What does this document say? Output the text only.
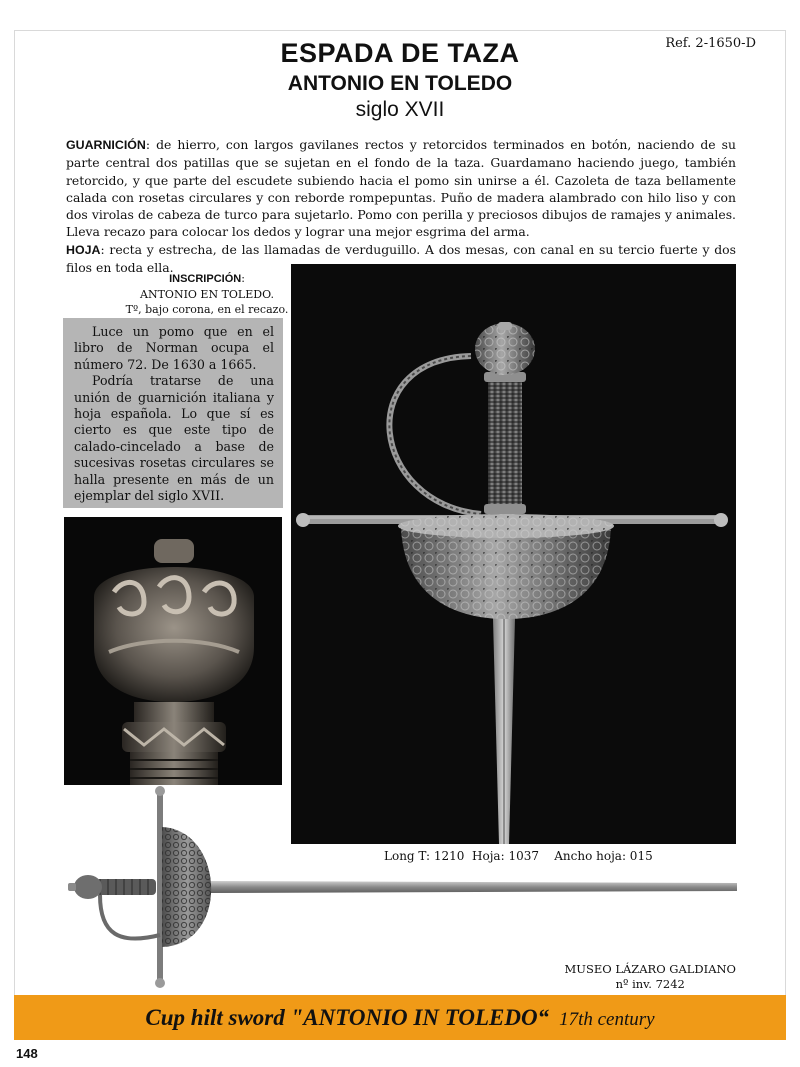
Ref. 2-1650-D
ESPADA DE TAZA
ANTONIO EN TOLEDO
siglo XVII

GUARNICIÓN: de hierro, con largos gavilanes rectos y retorcidos terminados en botón, naciendo de su parte central dos patillas que se sujetan en el fondo de la taza. Guardamano haciendo juego, también retorcido, y que parte del escudete subiendo hacia el pomo sin unirse a él. Cazoleta de taza bellamente calada con rosetas circulares y con reborde rompepuntas. Puño de madera alambrado con hilo liso y con dos virolas de cabeza de turco para sujetarlo. Pomo con perilla y preciosos dibujos de ramajes y animales. Lleva recazo para colocar los dedos y lograr una mejor esgrima del arma.

HOJA: recta y estrecha, de las llamadas de verduguillo. A dos mesas, con canal en su tercio fuerte y dos filos en toda ella.

INSCRIPCIÓN:
ANTONIO EN TOLEDO.
Tº, bajo corona, en el recazo.

Luce un pomo que en el libro de Norman ocupa el número 72. De 1630 a 1665.

Podría tratarse de una unión de guarnición italiana y hoja española. Lo que sí es cierto es que este tipo de calado-cincelado a base de sucesivas rosetas circulares se halla presente en más de un ejemplar del siglo XVII.

Long T: 1210  Hoja: 1037    Ancho hoja: 015
MUSEO LÁZARO GALDIANO
nº inv. 7242
Cup hilt sword "ANTONIO IN TOLEDO“ 17th century
148
